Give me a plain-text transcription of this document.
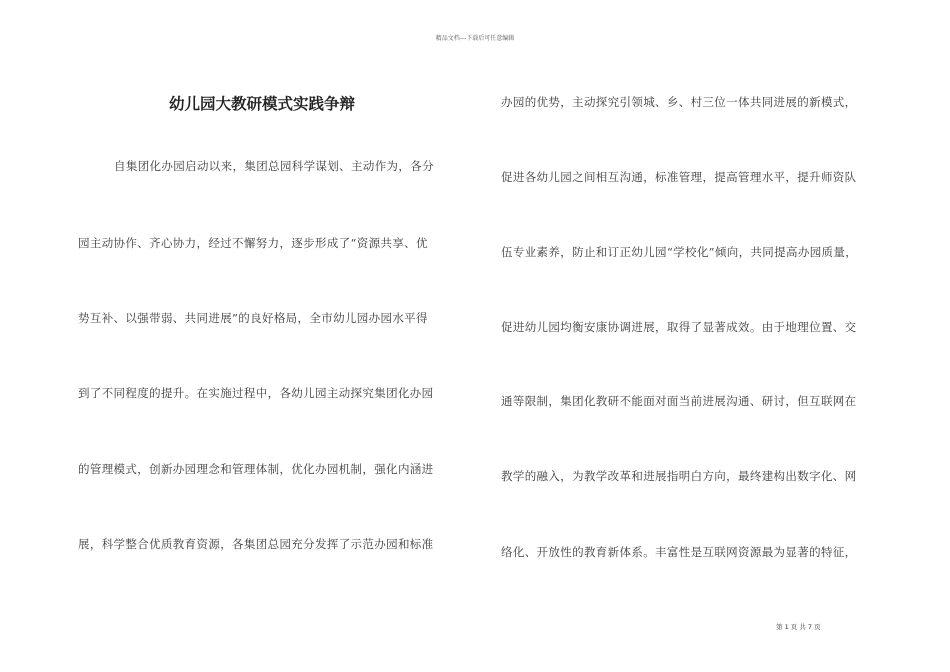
精品文档---下载后可任意编辑
幼儿园大教研模式实践争辩
自集团化办园启动以来，集团总园科学谋划、主动作为，各分
园主动协作、齐心协力，经过不懈努力，逐步形成了“资源共享、优
势互补、以强带弱、共同进展”的良好格局，全市幼儿园办园水平得
到了不同程度的提升。在实施过程中，各幼儿园主动探究集团化办园
的管理模式，创新办园理念和管理体制，优化办园机制，强化内涵进
展，科学整合优质教育资源，各集团总园充分发挥了示范办园和标准
办园的优势，主动探究引领城、乡、村三位一体共同进展的新模式，
促进各幼儿园之间相互沟通，标准管理，提高管理水平，提升师资队
伍专业素养，防止和订正幼儿园“学校化”倾向，共同提高办园质量，
促进幼儿园均衡安康协调进展，取得了显著成效。由于地理位置、交
通等限制，集团化教研不能面对面当前进展沟通、研讨，但互联网在
教学的融入，为教学改革和进展指明白方向，最终建构出数字化、网
络化、开放性的教育新体系。丰富性是互联网资源最为显著的特征，
第 1 页 共 7 页
